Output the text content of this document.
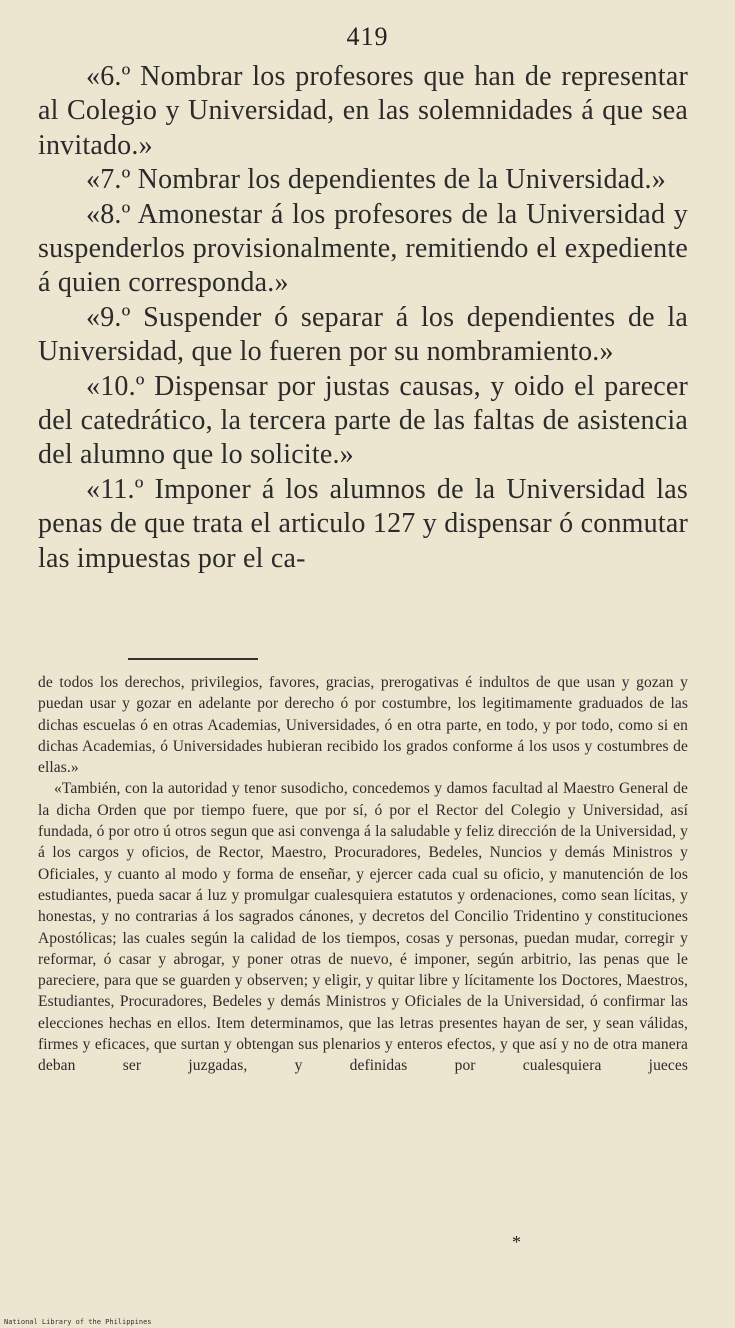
419

«6.º Nombrar los profesores que han de representar al Colegio y Universidad, en las solemnidades á que sea invitado.»

«7.º Nombrar los dependientes de la Universidad.»

«8.º Amonestar á los profesores de la Universidad y suspenderlos provisionalmente, remitiendo el expediente á quien corresponda.»

«9.º Suspender ó separar á los dependientes de la Universidad, que lo fueren por su nombramiento.»

«10.º Dispensar por justas causas, y oido el parecer del catedrático, la tercera parte de las faltas de asistencia del alumno que lo solicite.»

«11.º Imponer á los alumnos de la Universidad las penas de que trata el articulo 127 y dispensar ó conmutar las impuestas por el ca-

de todos los derechos, privilegios, favores, gracias, prerogativas é indultos de que usan y gozan y puedan usar y gozar en adelante por derecho ó por costumbre, los legitimamente graduados de las dichas escuelas ó en otras Academias, Universidades, ó en otra parte, en todo, y por todo, como si en dichas Academias, ó Universidades hubieran recibido los grados conforme á los usos y costumbres de ellas.»

«También, con la autoridad y tenor susodicho, concedemos y damos facultad al Maestro General de la dicha Orden que por tiempo fuere, que por sí, ó por el Rector del Colegio y Universidad, así fundada, ó por otro ú otros segun que asi convenga á la saludable y feliz dirección de la Universidad, y á los cargos y oficios, de Rector, Maestro, Procuradores, Bedeles, Nuncios y demás Ministros y Oficiales, y cuanto al modo y forma de enseñar, y ejercer cada cual su oficio, y manutención de los estudiantes, pueda sacar á luz y promulgar cualesquiera estatutos y ordenaciones, como sean lícitas, y honestas, y no contrarias á los sagrados cánones, y decretos del Concilio Tridentino y constituciones Apostólicas; las cuales según la calidad de los tiempos, cosas y personas, puedan mudar, corregir y reformar, ó casar y abrogar, y poner otras de nuevo, é imponer, según arbitrio, las penas que le pareciere, para que se guarden y observen; y eligir, y quitar libre y lícitamente los Doctores, Maestros, Estudiantes, Procuradores, Bedeles y demás Ministros y Oficiales de la Universidad, ó confirmar las elecciones hechas en ellos. Item determinamos, que las letras presentes hayan de ser, y sean válidas, firmes y eficaces, que surtan y obtengan sus plenarios y enteros efectos, y que así y no de otra manera deban ser juzgadas, y definidas por cualesquiera jueces

*
National Library of the Philippines
